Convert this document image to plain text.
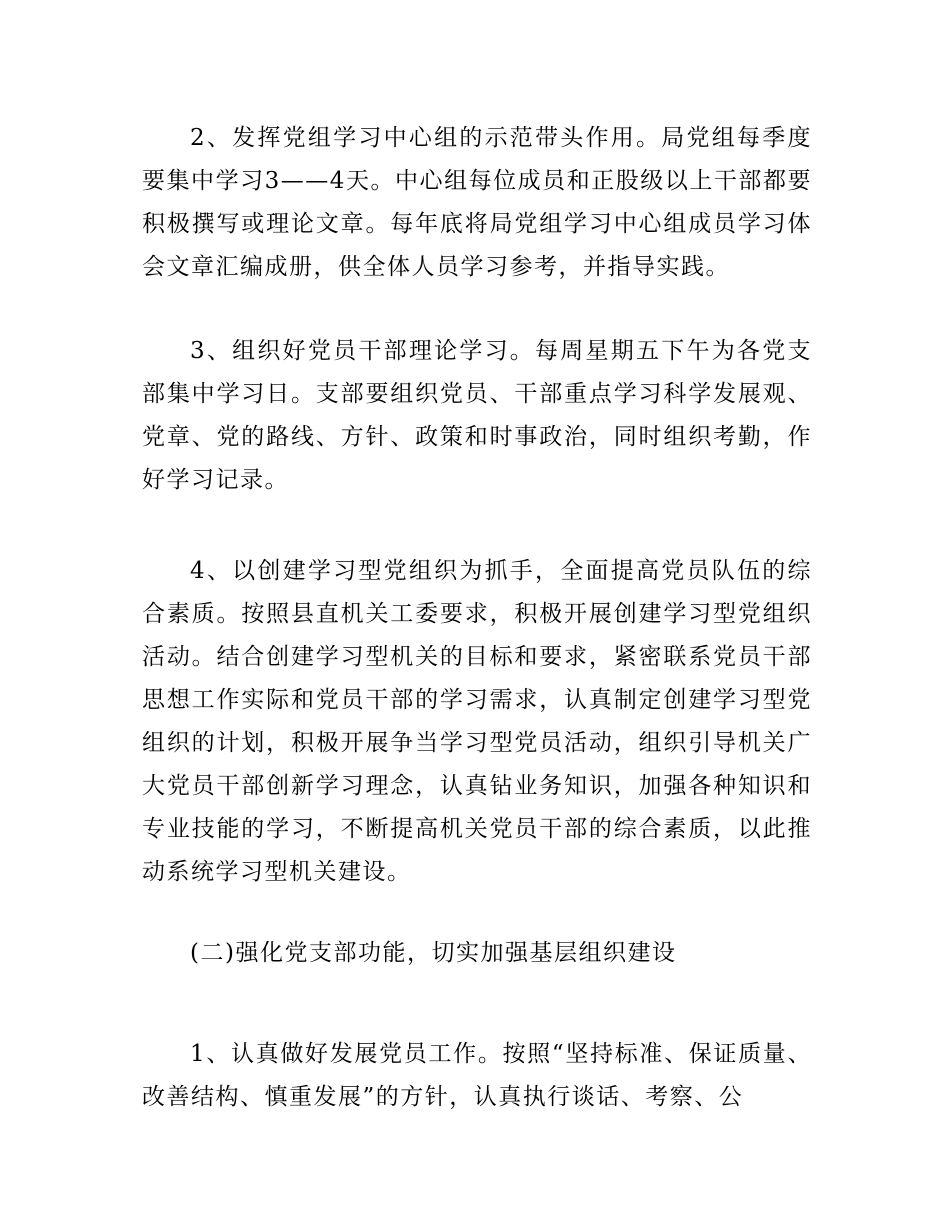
2、发挥党组学习中心组的示范带头作用。局党组每季度要集中学习3——4天。中心组每位成员和正股级以上干部都要积极撰写或理论文章。每年底将局党组学习中心组成员学习体会文章汇编成册，供全体人员学习参考，并指导实践。

3、组织好党员干部理论学习。每周星期五下午为各党支部集中学习日。支部要组织党员、干部重点学习科学发展观、党章、党的路线、方针、政策和时事政治，同时组织考勤，作好学习记录。

4、以创建学习型党组织为抓手，全面提高党员队伍的综合素质。按照县直机关工委要求，积极开展创建学习型党组织活动。结合创建学习型机关的目标和要求，紧密联系党员干部思想工作实际和党员干部的学习需求，认真制定创建学习型党组织的计划，积极开展争当学习型党员活动，组织引导机关广大党员干部创新学习理念，认真钻业务知识，加强各种知识和专业技能的学习，不断提高机关党员干部的综合素质，以此推动系统学习型机关建设。

(二)强化党支部功能，切实加强基层组织建设

1、认真做好发展党员工作。按照“坚持标准、保证质量、改善结构、慎重发展”的方针，认真执行谈话、考察、公
